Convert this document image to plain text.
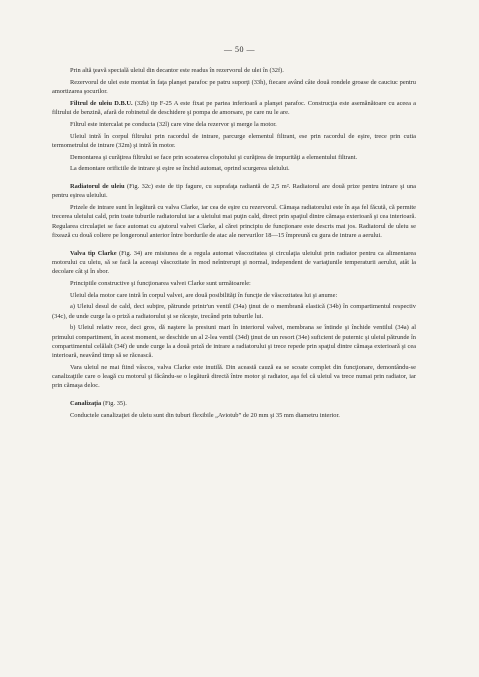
— 50 —

Prin altă ţeavă specială uleiul din decantor este readus în rezervorul de ulei în (32f).

Rezervorul de ulei este montat în faţa planşei parafoc pe patru suporţi (33h), fiecare având câte două rondele groase de cauciuc pentru amortizarea şocurilor.

Filtrul de uleiu D.B.U. (32b) tip F-25 A este fixat pe partea inferioară a planşei parafoc. Construcţia este asemănătoare cu aceea a filtrului de benzină, afară de robinetul de deschidere şi pompa de amorsare, pe care nu le are.

Filtrul este intercalat pe conducta (32l) care vine dela rezervor şi merge la motor.

Uleiul intră în corpul filtrului prin racordul de intrare, parcurge elementul filtrant, ese prin racordul de eşire, trece prin cutia termometrului de intrare (32m) şi intră în motor.

Demontarea şi curăţirea filtrului se face prin scoaterea clopotului şi curăţirea de impurităţi a elementului filtrant.

La demontare orificiile de intrare şi eşire se închid automat, oprind scurgerea uleiului.

Radiatorul de uleiu (Fig. 32c) este de tip fagure, cu suprafaţa radiantă de 2,5 m². Radiatorul are două prize pentru intrare şi una pentru eşirea uleiului.

Prizele de intrare sunt în legătură cu valva Clarke, iar cea de eşire cu rezervorul. Cămaşa radiatorului este în aşa fel făcută, că permite trecerea uleiului cald, prin toate tuburile radiatorului iar a uleiului mai puţin cald, direct prin spaţiul dintre cămaşa exterioară şi cea interioară. Regularea circulaţiei se face automat cu ajutorul valvei Clarke, al cărei principiu de funcţionare este descris mai jos. Radiatorul de uleiu se fixează cu două coliere pe longeronul anterior între bordurile de atac ale nervurilor 18—15 împreună cu gura de intrare a aerului.

Valva tip Clarke (Fig. 34) are misiunea de a regula automat văscozitatea şi circulaţia uleiului prin radiator pentru ca alimentarea motorului cu uleiu, să se facă la aceeaşi văscozitate în mod neîntrerupt şi normal, independent de variaţiunile temperaturii aerului, atât la decolare cât şi în sbor.

Principiile constructive şi funcţionarea valvei Clarke sunt următoarele:

Uleiul dela motor care intră în corpul valvei, are două posibilităţi în funcţie de văscozitatea lui şi anume:

a) Uleiul desul de cald, deci subţire, pătrunde printr'un ventil (34a) ţinut de o membrană elastică (34b) în compartimentul respectiv (34c), de unde curge la o priză a radiatorului şi se răceşte, trecând prin tuburile lui.

b) Uleiul relativ rece, deci gros, dă naştere la presiuni mari în interiorul valvei, membrana se întinde şi închide ventilul (34a) al primului compartiment, în acest moment, se deschide un al 2-lea ventil (34d) ţinut de un resort (34e) suficient de puternic şi uleiul pătrunde în compartimentul celălalt (34f) de unde curge la a două priză de intrare a radiatorului şi trece repede prin spaţiul dintre cămaşa exterioară şi cea interioară, neavând timp să se răcească.

Vara uleiul ne mai fiind vâscos, valva Clarke este inutilă. Din această cauză ea se scoate complet din funcţionare, demontându-se canalizaţiile care o leagă cu motorul şi făcându-se o legătură directă între motor şi radiator, aşa fel că uleiul va trece numai prin radiator, iar prin cămaşa deloc.

Canalizaţia (Fig. 35).

Conductele canalizaţiei de uleiu sunt din tuburi flexibile „Aviotub” de 20 mm şi 35 mm diametru interior.
